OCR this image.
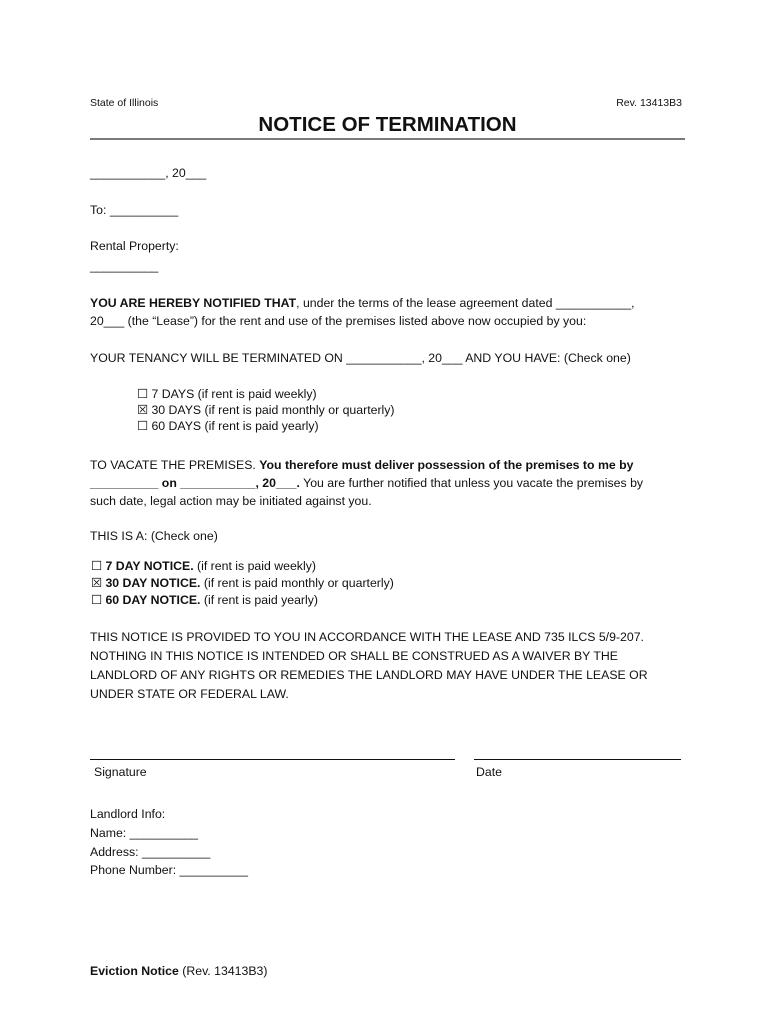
State of Illinois	Rev. 13413B3
NOTICE OF TERMINATION
___________, 20___
To: __________
Rental Property:
__________
YOU ARE HEREBY NOTIFIED THAT, under the terms of the lease agreement dated ___________,
20___ (the “Lease”) for the rent and use of the premises listed above now occupied by you:
YOUR TENANCY WILL BE TERMINATED ON ___________, 20___ AND YOU HAVE: (Check one)
☐ 7 DAYS (if rent is paid weekly)
☒ 30 DAYS (if rent is paid monthly or quarterly)
☐ 60 DAYS (if rent is paid yearly)
TO VACATE THE PREMISES. You therefore must deliver possession of the premises to me by
__________ on ___________, 20___. You are further notified that unless you vacate the premises by
such date, legal action may be initiated against you.
THIS IS A: (Check one)
☐ 7 DAY NOTICE. (if rent is paid weekly)
☒ 30 DAY NOTICE. (if rent is paid monthly or quarterly)
☐ 60 DAY NOTICE. (if rent is paid yearly)
THIS NOTICE IS PROVIDED TO YOU IN ACCORDANCE WITH THE LEASE AND 735 ILCS 5/9-207.
NOTHING IN THIS NOTICE IS INTENDED OR SHALL BE CONSTRUED AS A WAIVER BY THE
LANDLORD OF ANY RIGHTS OR REMEDIES THE LANDLORD MAY HAVE UNDER THE LEASE OR
UNDER STATE OR FEDERAL LAW.
Signature	Date
Landlord Info:
Name: __________
Address: __________
Phone Number: __________
Eviction Notice (Rev. 13413B3)
